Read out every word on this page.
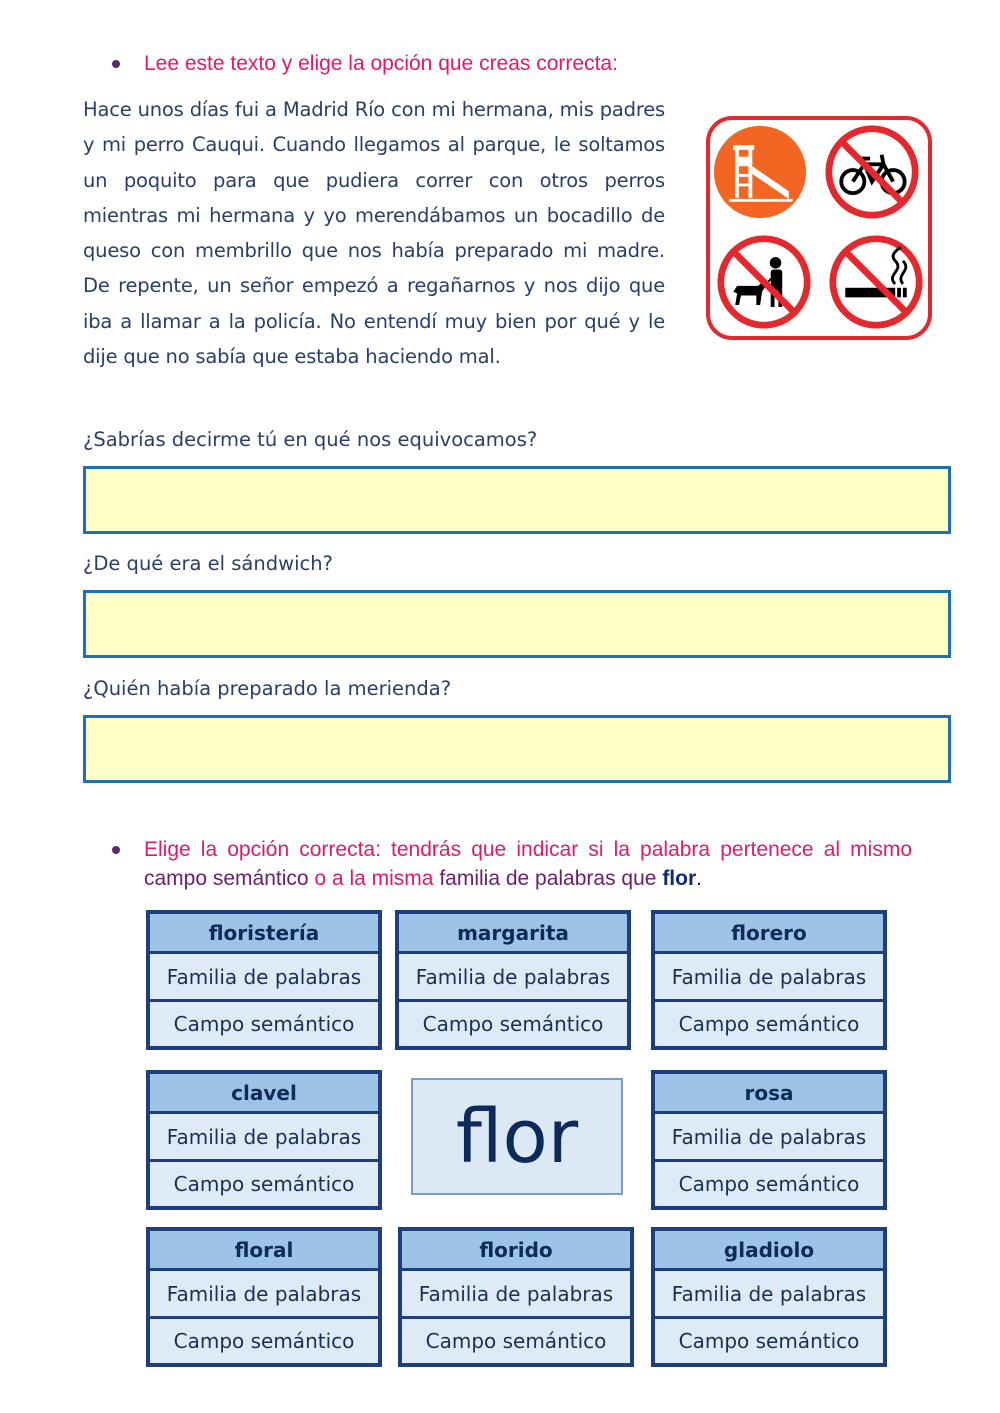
Lee este texto y elige la opción que creas correcta:
Hace unos días fui a Madrid Río con mi hermana, mis padres y mi perro Cauqui. Cuando llegamos al parque, le soltamos un poquito para que pudiera correr con otros perros mientras mi hermana y yo merendábamos un bocadillo de queso con membrillo que nos había preparado mi madre. De repente, un señor empezó a regañarnos y nos dijo que iba a llamar a la policía. No entendí muy bien por qué y le dije que no sabía que estaba haciendo mal.
¿Sabrías decirme tú en qué nos equivocamos?
¿De qué era el sándwich?
¿Quién había preparado la merienda?
Elige la opción correcta: tendrás que indicar si la palabra pertenece al mismo campo semántico o a la misma familia de palabras que flor.
floristería
Familia de palabras
Campo semántico
margarita
Familia de palabras
Campo semántico
florero
Familia de palabras
Campo semántico
clavel
Familia de palabras
Campo semántico
flor
rosa
Familia de palabras
Campo semántico
floral
Familia de palabras
Campo semántico
florido
Familia de palabras
Campo semántico
gladiolo
Familia de palabras
Campo semántico
